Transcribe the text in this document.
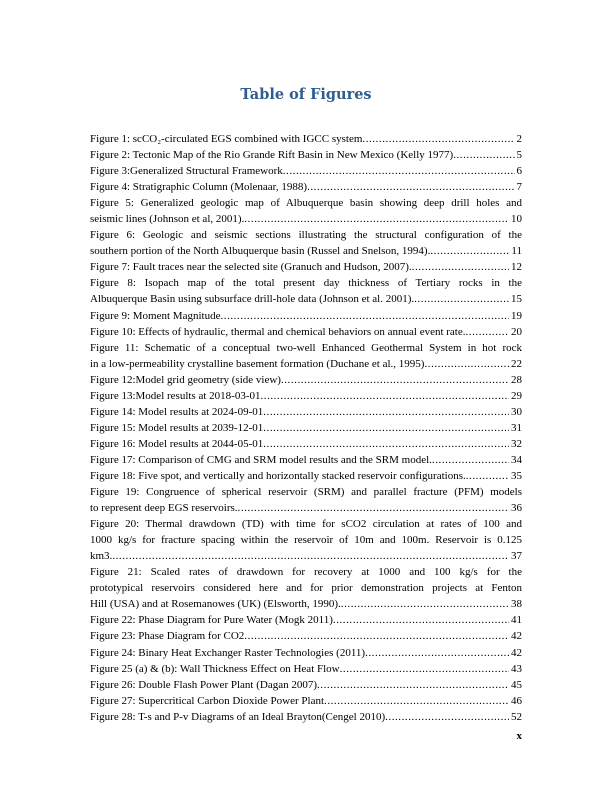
Table of Figures
Figure 1: scCO₂-circulated EGS combined with IGCC system . . .	2
Figure 2: Tectonic Map of the Rio Grande Rift Basin in New Mexico (Kelly 1977) . . .	5
Figure 3:Generalized Structural Framework . . .	6
Figure 4: Stratigraphic Column (Molenaar, 1988) . . .	7
Figure 5: Generalized geologic map of Albuquerque basin showing deep drill holes and
seismic lines (Johnson et al, 2001). . . .	10
Figure 6: Geologic and seismic sections illustrating the structural configuration of the
southern portion of the North Albuquerque basin (Russel and Snelson, 1994). . . .	11
Figure 7: Fault traces near the selected site (Granuch and Hudson, 2007). . . .	12
Figure 8: Isopach map of the total present day thickness of Tertiary rocks in the
Albuquerque Basin using subsurface drill-hole data (Johnson et al. 2001). . . .	15
Figure 9: Moment Magnitude . . .	19
Figure 10: Effects of hydraulic, thermal and chemical behaviors on annual event rate. . . .	20
Figure 11: Schematic of a conceptual two-well Enhanced Geothermal System in hot rock
in a low-permeability crystalline basement formation (Duchane et al., 1995) . . .	22
Figure 12:Model grid geometry (side view) . . .	28
Figure 13:Model results at 2018-03-01 . . .	29
Figure 14: Model results at 2024-09-01 . . .	30
Figure 15: Model results at 2039-12-01 . . .	31
Figure 16: Model results at 2044-05-01 . . .	32
Figure 17: Comparison of CMG and SRM model results and the SRM model. . . .	34
Figure 18: Five spot, and vertically and horizontally stacked reservoir configurations. . . .	35
Figure 19: Congruence of spherical reservoir (SRM) and parallel fracture (PFM) models
to represent deep EGS reservoirs. . . .	36
Figure 20: Thermal drawdown (TD) with time for sCO2 circulation at rates of 100 and
1000 kg/s for fracture spacing within the reservoir of 10m and 100m. Reservoir is 0.125
km3. . . .	37
Figure 21: Scaled rates of drawdown for recovery at 1000 and 100 kg/s for the
prototypical reservoirs considered here and for prior demonstration projects at Fenton
Hill (USA) and at Rosemanowes (UK) (Elsworth, 1990). . . .	38
Figure 22: Phase Diagram for Pure Water (Mogk 2011) . . .	41
Figure 23: Phase Diagram for CO2 . . .	42
Figure 24: Binary Heat Exchanger Raster Technologies (2011) . . .	42
Figure 25 (a) & (b): Wall Thickness Effect on Heat Flow . . .	43
Figure 26: Double Flash Power Plant (Dagan 2007) . . .	45
Figure 27: Supercritical Carbon Dioxide Power Plant . . .	46
Figure 28: T-s and P-v Diagrams of an Ideal Brayton(Cengel 2010) . . .	52
x
